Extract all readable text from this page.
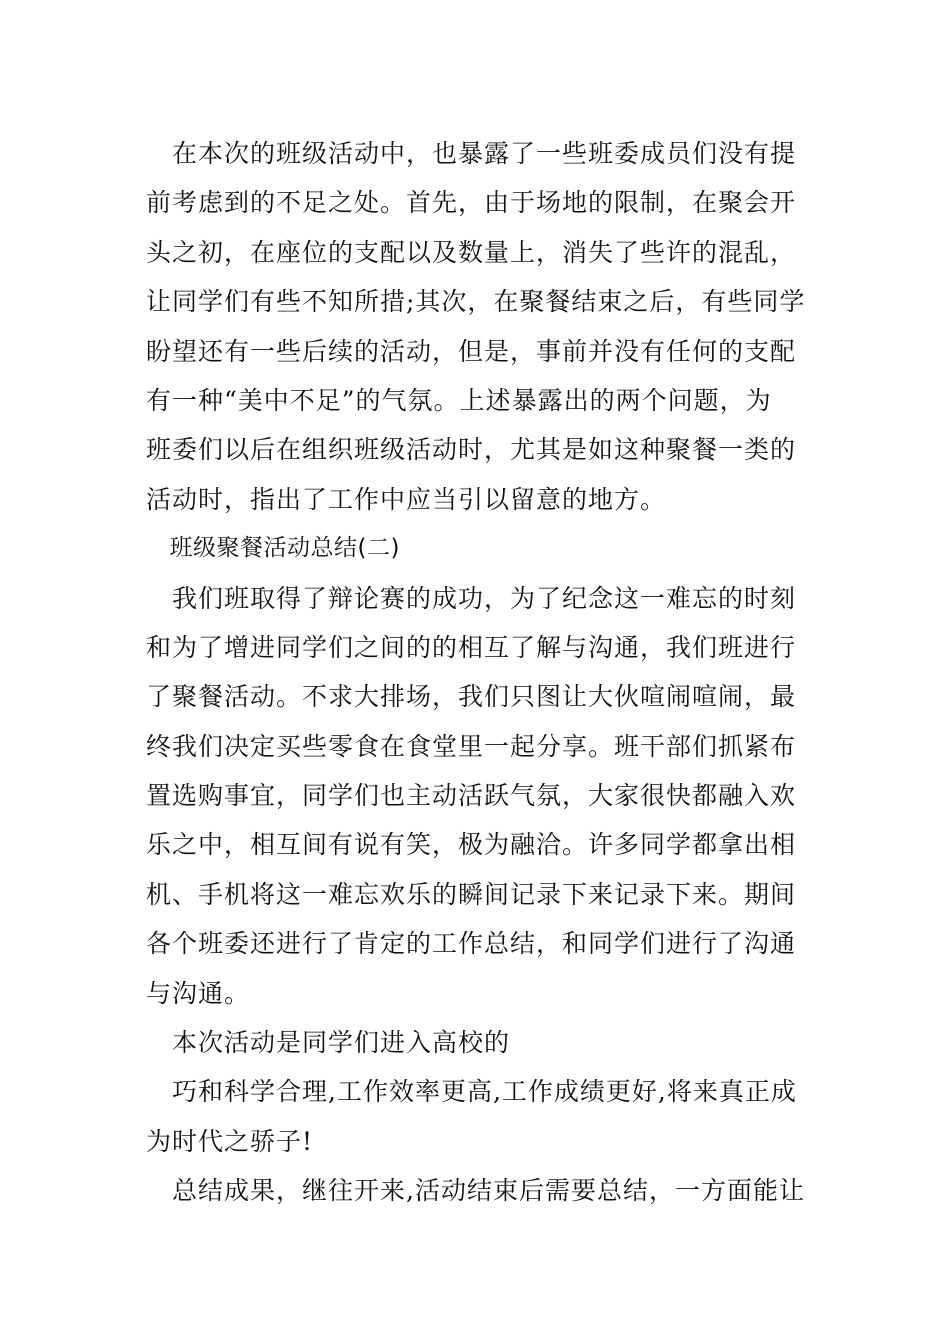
　在本次的班级活动中，也暴露了一些班委成员们没有提
前考虑到的不足之处。首先，由于场地的限制，在聚会开
头之初，在座位的支配以及数量上，消失了些许的混乱，
让同学们有些不知所措;其次，在聚餐结束之后，有些同学
盼望还有一些后续的活动，但是，事前并没有任何的支配
有一种“美中不足”的气氛。上述暴露出的两个问题，为
班委们以后在组织班级活动时，尤其是如这种聚餐一类的
活动时，指出了工作中应当引以留意的地方。

　班级聚餐活动总结(二)

　我们班取得了辩论赛的成功，为了纪念这一难忘的时刻
和为了增进同学们之间的的相互了解与沟通，我们班进行
了聚餐活动。不求大排场，我们只图让大伙喧闹喧闹，最
终我们决定买些零食在食堂里一起分享。班干部们抓紧布
置选购事宜，同学们也主动活跃气氛，大家很快都融入欢
乐之中，相互间有说有笑，极为融洽。许多同学都拿出相
机、手机将这一难忘欢乐的瞬间记录下来记录下来。期间
各个班委还进行了肯定的工作总结，和同学们进行了沟通
与沟通。

　本次活动是同学们进入高校的

　巧和科学合理,工作效率更高,工作成绩更好,将来真正成
为时代之骄子!

　总结成果，继往开来,活动结束后需要总结，一方面能让
